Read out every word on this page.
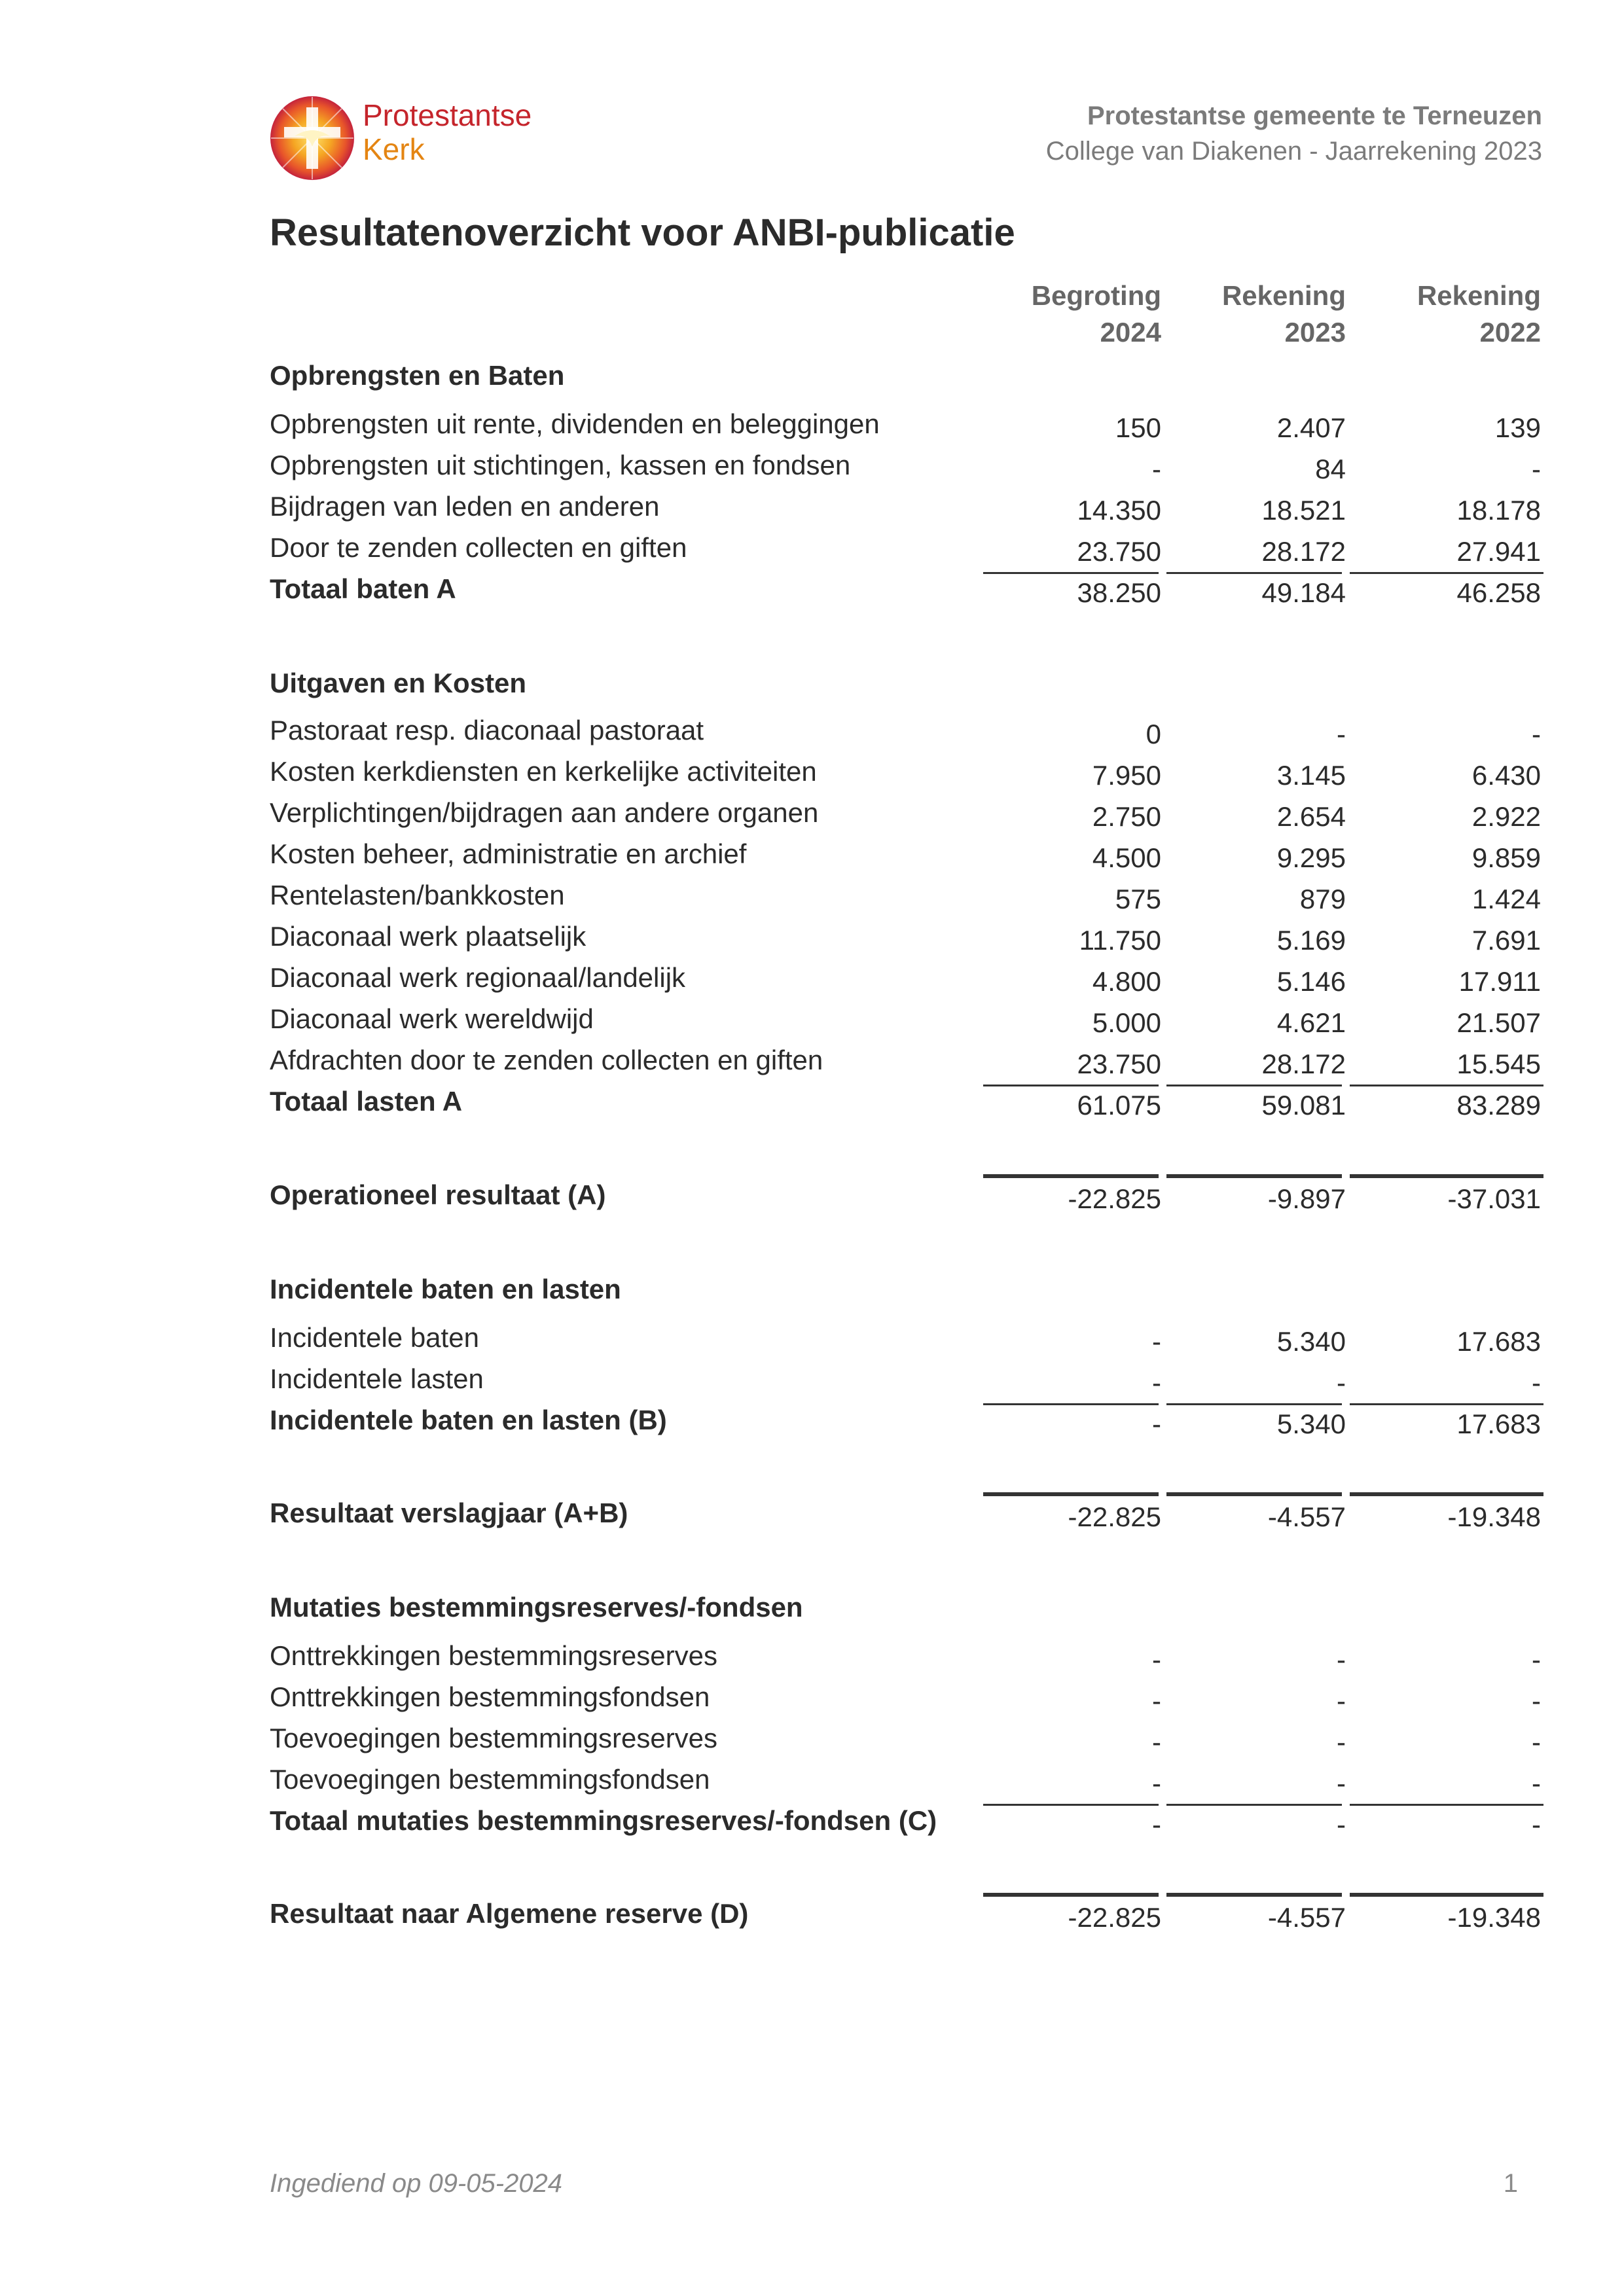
Protestantse
Kerk
Protestantse gemeente te Terneuzen
College van Diakenen - Jaarrekening 2023
Resultatenoverzicht voor ANBI-publicatie
Begroting
2024
Rekening
2023
Rekening
2022
Opbrengsten en Baten
Opbrengsten uit rente, dividenden en beleggingen	150	2.407	139
Opbrengsten uit stichtingen, kassen en fondsen	-	84	-
Bijdragen van leden en anderen	14.350	18.521	18.178
Door te zenden collecten en giften	23.750	28.172	27.941
Totaal baten A	38.250	49.184	46.258
Uitgaven en Kosten
Pastoraat resp. diaconaal pastoraat	0	-	-
Kosten kerkdiensten en kerkelijke activiteiten	7.950	3.145	6.430
Verplichtingen/bijdragen aan andere organen	2.750	2.654	2.922
Kosten beheer, administratie en archief	4.500	9.295	9.859
Rentelasten/bankkosten	575	879	1.424
Diaconaal werk plaatselijk	11.750	5.169	7.691
Diaconaal werk regionaal/landelijk	4.800	5.146	17.911
Diaconaal werk wereldwijd	5.000	4.621	21.507
Afdrachten door te zenden collecten en giften	23.750	28.172	15.545
Totaal lasten A	61.075	59.081	83.289
Operationeel resultaat (A)	-22.825	-9.897	-37.031
Incidentele baten en lasten
Incidentele baten	-	5.340	17.683
Incidentele lasten	-	-	-
Incidentele baten en lasten (B)	-	5.340	17.683
Resultaat verslagjaar (A+B)	-22.825	-4.557	-19.348
Mutaties bestemmingsreserves/-fondsen
Onttrekkingen bestemmingsreserves	-	-	-
Onttrekkingen bestemmingsfondsen	-	-	-
Toevoegingen bestemmingsreserves	-	-	-
Toevoegingen bestemmingsfondsen	-	-	-
Totaal mutaties bestemmingsreserves/-fondsen (C)	-	-	-
Resultaat naar Algemene reserve (D)	-22.825	-4.557	-19.348
Ingediend op 09-05-2024	1
